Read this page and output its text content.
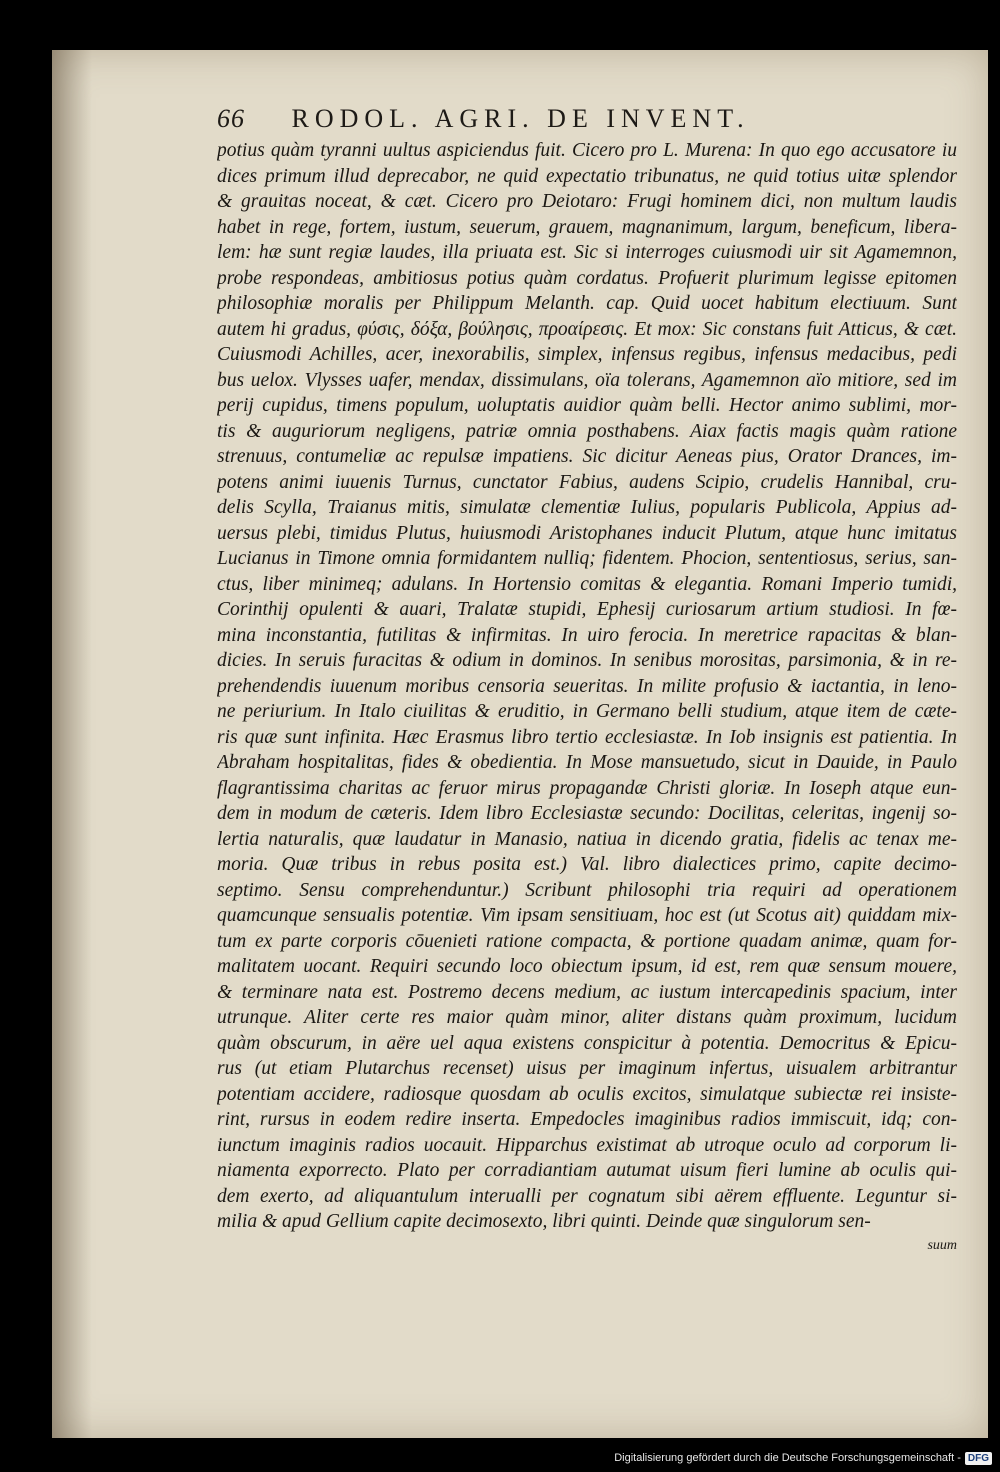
66 RODOL. AGRI. DE INVENT.
potius quàm tyranni uultus aspiciendus fuit. Cicero pro L. Murena: In quo ego accusatore iu
dices primum illud deprecabor, ne quid expectatio tribunatus, ne quid totius uitæ splendor
& grauitas noceat, & cæt. Cicero pro Deiotaro: Frugi hominem dici, non multum laudis
habet in rege, fortem, iustum, seuerum, grauem, magnanimum, largum, beneficum, libera-
lem: hæ sunt regiæ laudes, illa priuata est. Sic si interroges cuiusmodi uir sit Agamemnon,
probe respondeas, ambitiosus potius quàm cordatus. Profuerit plurimum legisse epitomen
philosophiæ moralis per Philippum Melanth. cap. Quid uocet habitum electiuum. Sunt
autem hi gradus, φύσις, δόξα, βούλησις, προαίρεσις. Et mox: Sic constans fuit Atticus, & cæt.
Cuiusmodi Achilles, acer, inexorabilis, simplex, infensus regibus, infensus medacibus, pedi
bus uelox. Vlysses uafer, mendax, dissimulans, oïa tolerans, Agamemnon aïo mitiore, sed im
perij cupidus, timens populum, uoluptatis auidior quàm belli. Hector animo sublimi, mor-
tis & auguriorum negligens, patriæ omnia posthabens. Aiax factis magis quàm ratione
strenuus, contumeliæ ac repulsæ impatiens. Sic dicitur Aeneas pius, Orator Drances, im-
potens animi iuuenis Turnus, cunctator Fabius, audens Scipio, crudelis Hannibal, cru-
delis Scylla, Traianus mitis, simulatæ clementiæ Iulius, popularis Publicola, Appius ad-
uersus plebi, timidus Plutus, huiusmodi Aristophanes inducit Plutum, atque hunc imitatus
Lucianus in Timone omnia formidantem nulliq; fidentem. Phocion, sententiosus, serius, san-
ctus, liber minimeq; adulans. In Hortensio comitas & elegantia. Romani Imperio tumidi,
Corinthij opulenti & auari, Tralatæ stupidi, Ephesij curiosarum artium studiosi. In fœ-
mina inconstantia, futilitas & infirmitas. In uiro ferocia. In meretrice rapacitas & blan-
dicies. In seruis furacitas & odium in dominos. In senibus morositas, parsimonia, & in re-
prehendendis iuuenum moribus censoria seueritas. In milite profusio & iactantia, in leno-
ne periurium. In Italo ciuilitas & eruditio, in Germano belli studium, atque item de cæte-
ris quæ sunt infinita. Hæc Erasmus libro tertio ecclesiastæ. In Iob insignis est patientia. In
Abraham hospitalitas, fides & obedientia. In Mose mansuetudo, sicut in Dauide, in Paulo
flagrantissima charitas ac feruor mirus propagandæ Christi gloriæ. In Ioseph atque eun-
dem in modum de cæteris. Idem libro Ecclesiastæ secundo: Docilitas, celeritas, ingenij so-
lertia naturalis, quæ laudatur in Manasio, natiua in dicendo gratia, fidelis ac tenax me-
moria. Quæ tribus in rebus posita est.) Val. libro dialectices primo, capite decimo-
septimo. Sensu comprehenduntur.) Scribunt philosophi tria requiri ad operationem
quamcunque sensualis potentiæ. Vim ipsam sensitiuam, hoc est (ut Scotus ait) quiddam mix-
tum ex parte corporis cōuenieti ratione compacta, & portione quadam animæ, quam for-
malitatem uocant. Requiri secundo loco obiectum ipsum, id est, rem quæ sensum mouere,
& terminare nata est. Postremo decens medium, ac iustum intercapedinis spacium, inter
utrunque. Aliter certe res maior quàm minor, aliter distans quàm proximum, lucidum
quàm obscurum, in aëre uel aqua existens conspicitur à potentia. Democritus & Epicu-
rus (ut etiam Plutarchus recenset) uisus per imaginum infertus, uisualem arbitrantur
potentiam accidere, radiosque quosdam ab oculis excitos, simulatque subiectæ rei insiste-
rint, rursus in eodem redire inserta. Empedocles imaginibus radios immiscuit, idq; con-
iunctum imaginis radios uocauit. Hipparchus existimat ab utroque oculo ad corporum li-
niamenta exporrecto. Plato per corradiantiam autumat uisum fieri lumine ab oculis qui-
dem exerto, ad aliquantulum interualli per cognatum sibi aërem effluente. Leguntur si-
milia & apud Gellium capite decimosexto, libri quinti. Deinde quæ singulorum sen-
suum
Digitalisierung gefördert durch die Deutsche Forschungsgemeinschaft - DFG
